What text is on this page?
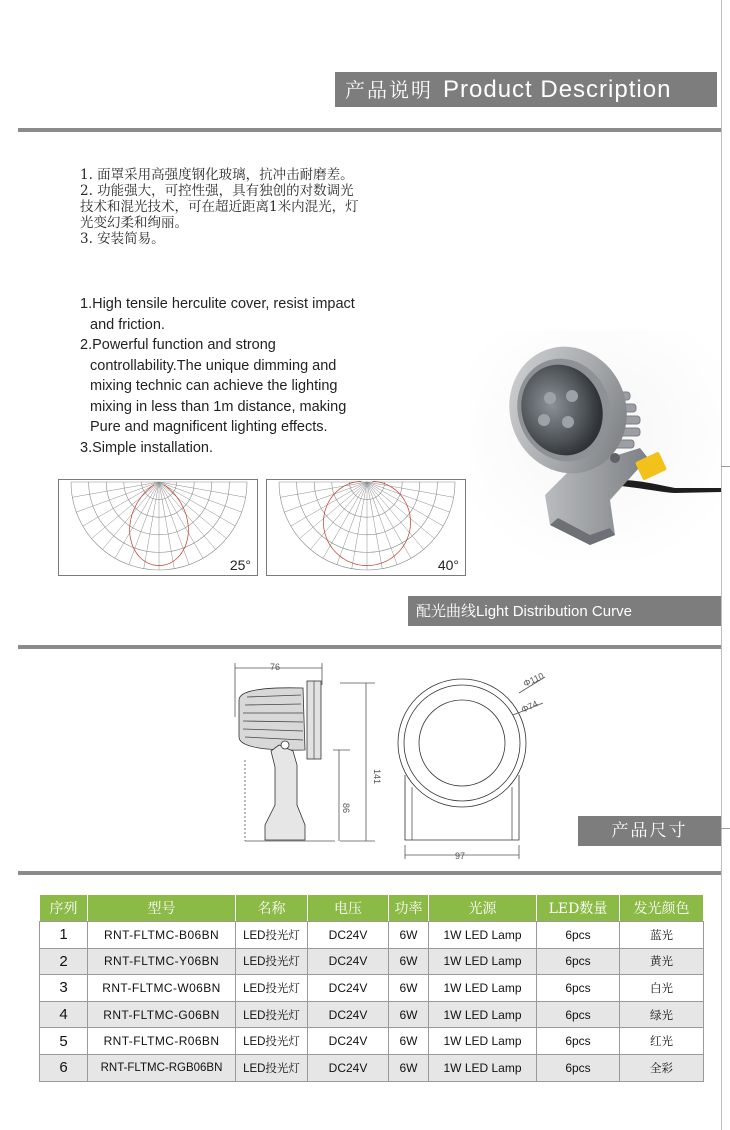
产品说明 Product Description

1. 面罩采用高强度钢化玻璃，抗冲击耐磨差。

2. 功能强大，可控性强，具有独创的对数调光

技术和混光技术，可在超近距离1米内混光，灯

光变幻柔和绚丽。

3. 安装简易。

1.High tensile herculite cover, resist impact

and friction.

2.Powerful function and strong

controllability.The unique dimming and

mixing technic can achieve the lighting

mixing in less than 1m distance, making

Pure and magnificent lighting effects.

3.Simple installation.

25°	40°
配光曲线Light Distribution Curve
76
141
86
Φ110
Φ74
97
产品尺寸
序列	型号	名称	电压	功率	光源	LED数量	发光颜色
1	RNT-FLTMC-B06BN	LED投光灯	DC24V	6W	1W LED Lamp	6pcs	蓝光
2	RNT-FLTMC-Y06BN	LED投光灯	DC24V	6W	1W LED Lamp	6pcs	黄光
3	RNT-FLTMC-W06BN	LED投光灯	DC24V	6W	1W LED Lamp	6pcs	白光
4	RNT-FLTMC-G06BN	LED投光灯	DC24V	6W	1W LED Lamp	6pcs	绿光
5	RNT-FLTMC-R06BN	LED投光灯	DC24V	6W	1W LED Lamp	6pcs	红光
6	RNT-FLTMC-RGB06BN	LED投光灯	DC24V	6W	1W LED Lamp	6pcs	全彩
